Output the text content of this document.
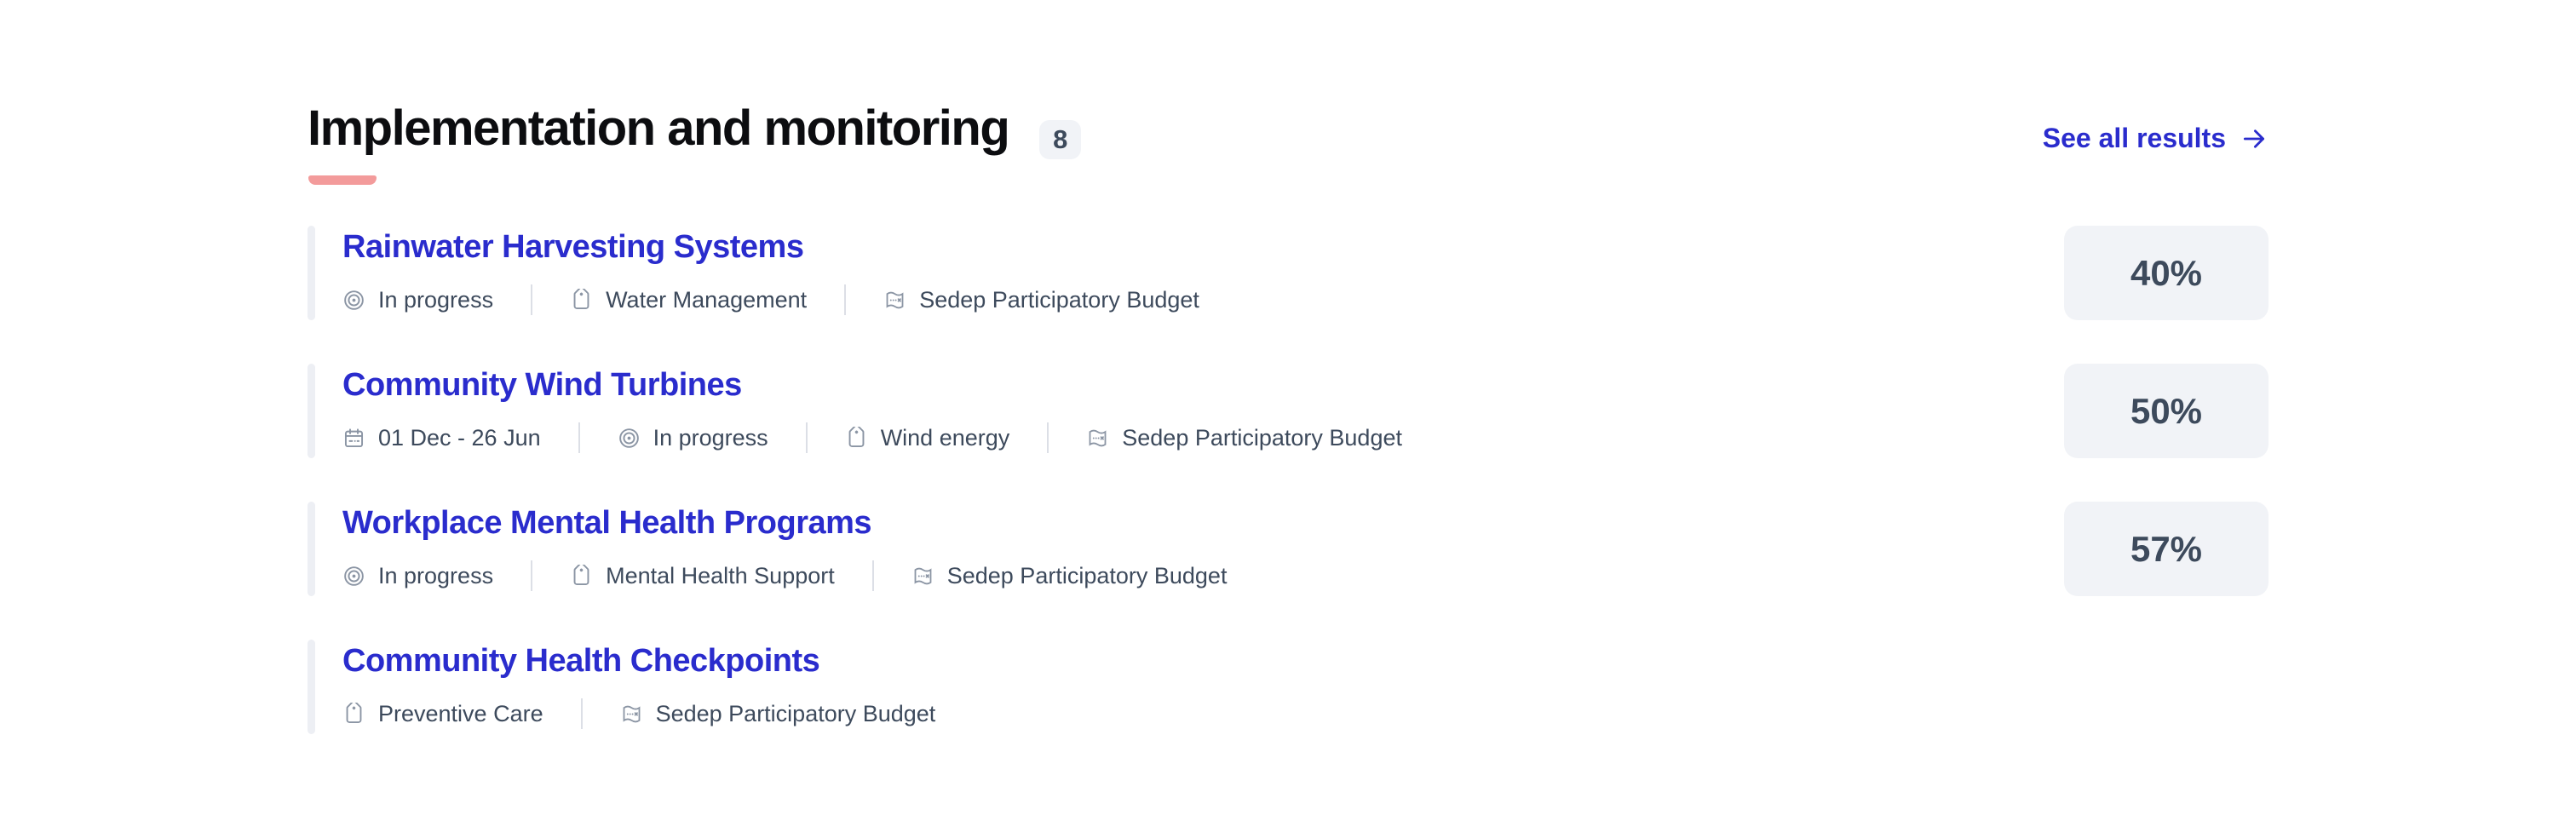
Implementation and monitoring	8	See all results
Rainwater Harvesting Systems
In progress	Water Management	Sedep Participatory Budget
40%
Community Wind Turbines
01 Dec - 26 Jun	In progress	Wind energy	Sedep Participatory Budget
50%
Workplace Mental Health Programs
In progress	Mental Health Support	Sedep Participatory Budget
57%
Community Health Checkpoints
Preventive Care	Sedep Participatory Budget
